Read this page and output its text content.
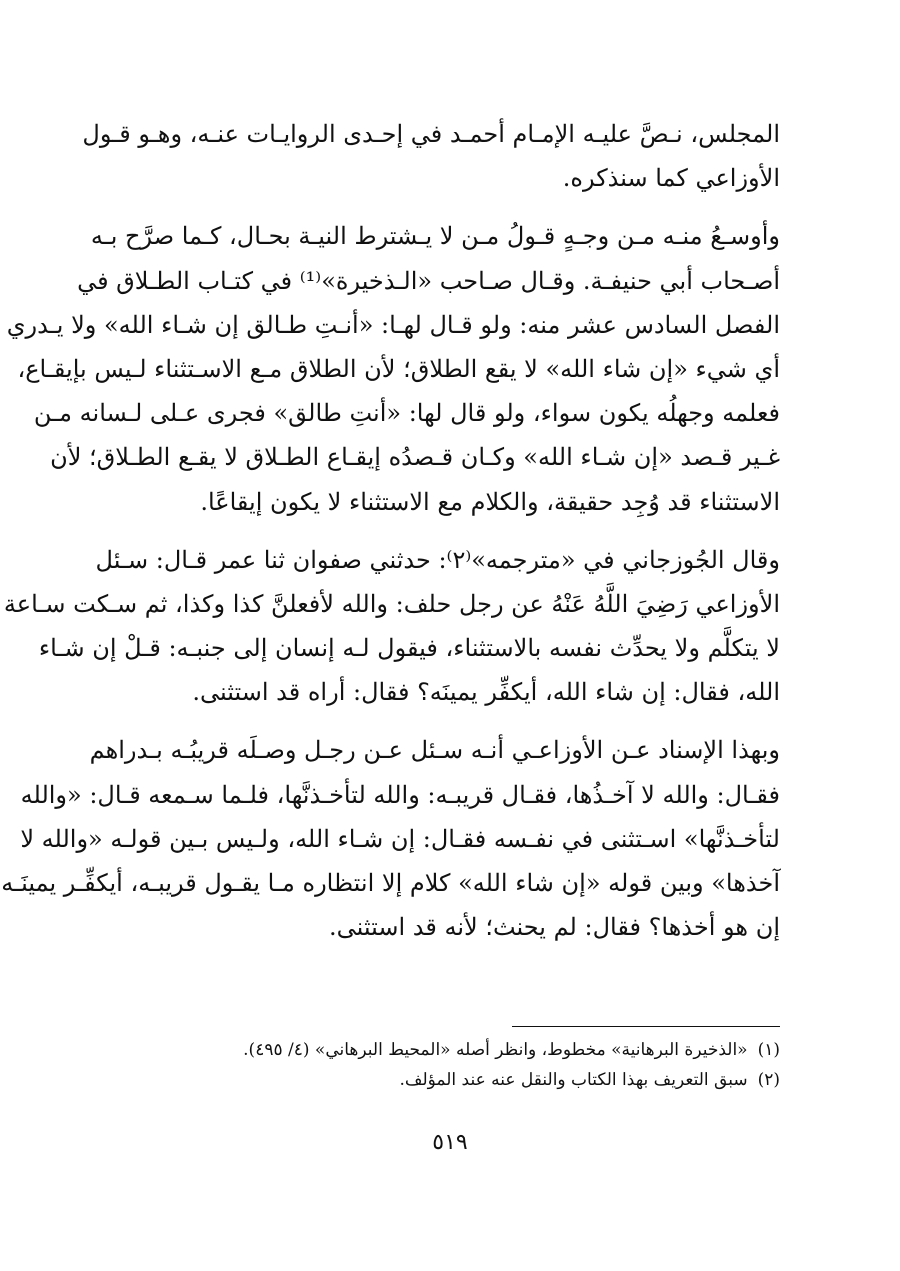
المجلس، نـصَّ عليـه الإمـام أحمـد في إحـدى الروايـات عنـه، وهـو قـول
الأوزاعي كما سنذكره.

وأوسـعُ منـه مـن وجـهٍ قـولُ مـن لا يـشترط النيـة بحـال، كـما صرَّح بـه
أصـحاب أبي حنيفـة. وقـال صـاحب «الـذخيرة»⁽¹⁾ في كتـاب الطـلاق في
الفصل السادس عشر منه: ولو قـال لهـا: «أنـتِ طـالق إن شـاء الله» ولا يـدري
أي شيء «إن شاء الله» لا يقع الطلاق؛ لأن الطلاق مـع الاسـتثناء لـيس بإيقـاع،
فعلمه وجهلُه يكون سواء، ولو قال لها: «أنتِ طالق» فجرى عـلى لـسانه مـن
غـير قـصد «إن شـاء الله» وكـان قـصدُه إيقـاع الطـلاق لا يقـع الطـلاق؛ لأن
الاستثناء قد وُجِد حقيقة، والكلام مع الاستثناء لا يكون إيقاعًا.

وقال الجُوزجاني في «مترجمه»⁽٢⁾: حدثني صفوان ثنا عمر قـال: سـئل
الأوزاعي رَضِيَ اللَّهُ عَنْهُ عن رجل حلف: والله لأفعلنَّ كذا وكذا، ثم سـكت سـاعة
لا يتكلَّم ولا يحدِّث نفسه بالاستثناء، فيقول لـه إنسان إلى جنبـه: قـلْ إن شـاء
الله، فقال: إن شاء الله، أيكفِّر يمينَه؟ فقال: أراه قد استثنى.

وبهذا الإسناد عـن الأوزاعـي أنـه سـئل عـن رجـل وصـلَه قريبُـه بـدراهم
فقـال: والله لا آخـذُها، فقـال قريبـه: والله لتأخـذنَّها، فلـما سـمعه قـال: «والله
لتأخـذنَّها» اسـتثنى في نفـسه فقـال: إن شـاء الله، ولـيس بـين قولـه «والله لا
آخذها» وبين قوله «إن شاء الله» كلام إلا انتظاره مـا يقـول قريبـه، أيكفِّـر يمينَـه
إن هو أخذها؟ فقال: لم يحنث؛ لأنه قد استثنى.

(١)«الذخيرة البرهانية» مخطوط، وانظر أصله «المحيط البرهاني» (٤/ ٤٩٥).
(٢)سبق التعريف بهذا الكتاب والنقل عنه عند المؤلف.
٥١٩
